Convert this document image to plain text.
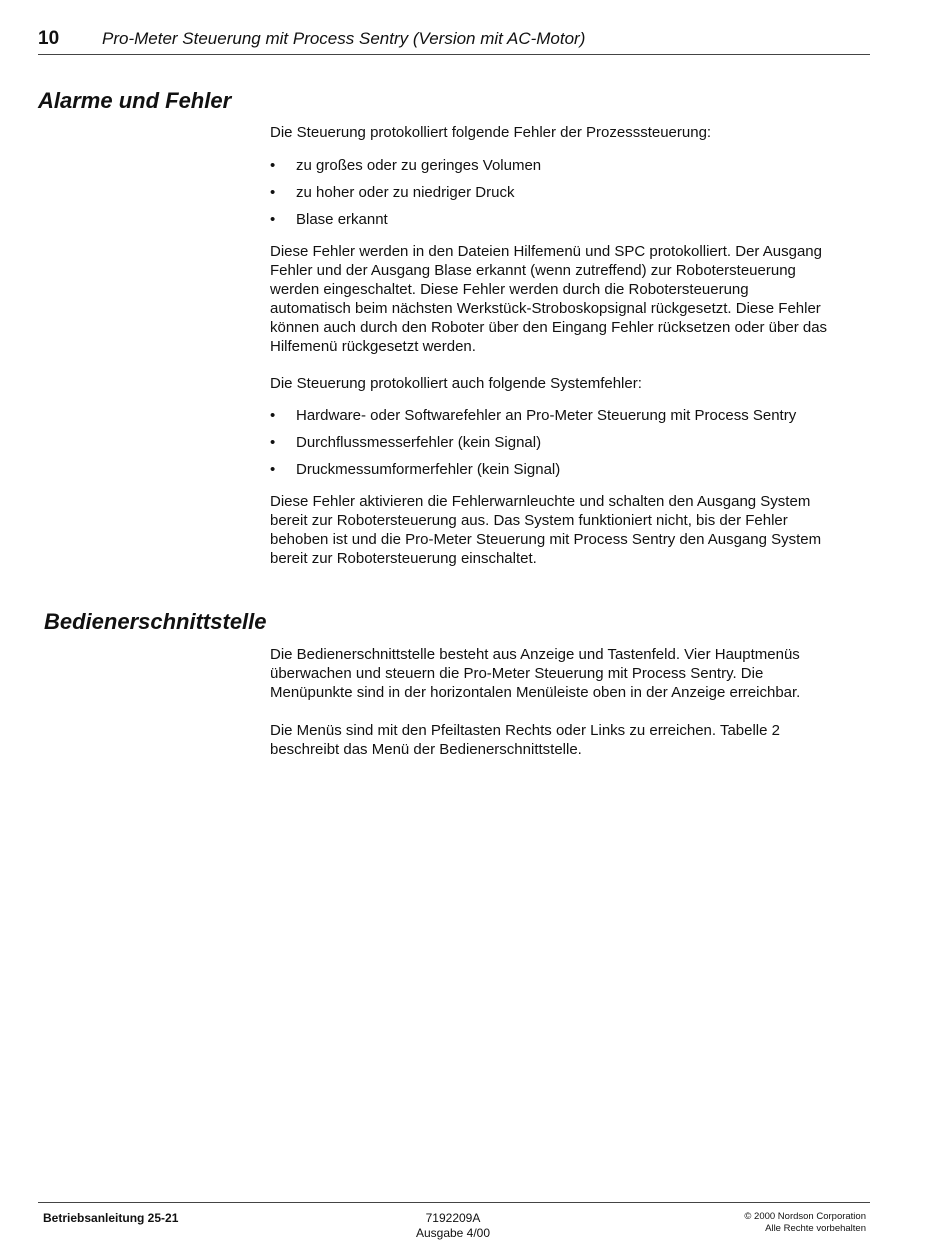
10	Pro-Meter Steuerung mit Process Sentry (Version mit AC-Motor)
Alarme und Fehler

Die Steuerung protokolliert folgende Fehler der Prozesssteuerung:

• zu großes oder zu geringes Volumen
• zu hoher oder zu niedriger Druck
• Blase erkannt

Diese Fehler werden in den Dateien Hilfemenü und SPC protokolliert. Der Ausgang

Fehler und der Ausgang Blase erkannt (wenn zutreffend) zur Robotersteuerung

werden eingeschaltet. Diese Fehler werden durch die Robotersteuerung

automatisch beim nächsten Werkstück-Stroboskopsignal rückgesetzt. Diese Fehler

können auch durch den Roboter über den Eingang Fehler rücksetzen oder über das

Hilfemenü rückgesetzt werden.

Die Steuerung protokolliert auch folgende Systemfehler:

• Hardware- oder Softwarefehler an Pro-Meter Steuerung mit Process Sentry
• Durchflussmesserfehler (kein Signal)
• Druckmessumformerfehler (kein Signal)

Diese Fehler aktivieren die Fehlerwarnleuchte und schalten den Ausgang System

bereit zur Robotersteuerung aus. Das System funktioniert nicht, bis der Fehler

behoben ist und die Pro-Meter Steuerung mit Process Sentry den Ausgang System

bereit zur Robotersteuerung einschaltet.

Bedienerschnittstelle

Die Bedienerschnittstelle besteht aus Anzeige und Tastenfeld. Vier Hauptmenüs

überwachen und steuern die Pro-Meter Steuerung mit Process Sentry. Die

Menüpunkte sind in der horizontalen Menüleiste oben in der Anzeige erreichbar.

Die Menüs sind mit den Pfeiltasten Rechts oder Links zu erreichen. Tabelle 2

beschreibt das Menü der Bedienerschnittstelle.

Betriebsanleitung 25-21	7192209A
Ausgabe 4/00
© 2000 Nordson Corporation
Alle Rechte vorbehalten
